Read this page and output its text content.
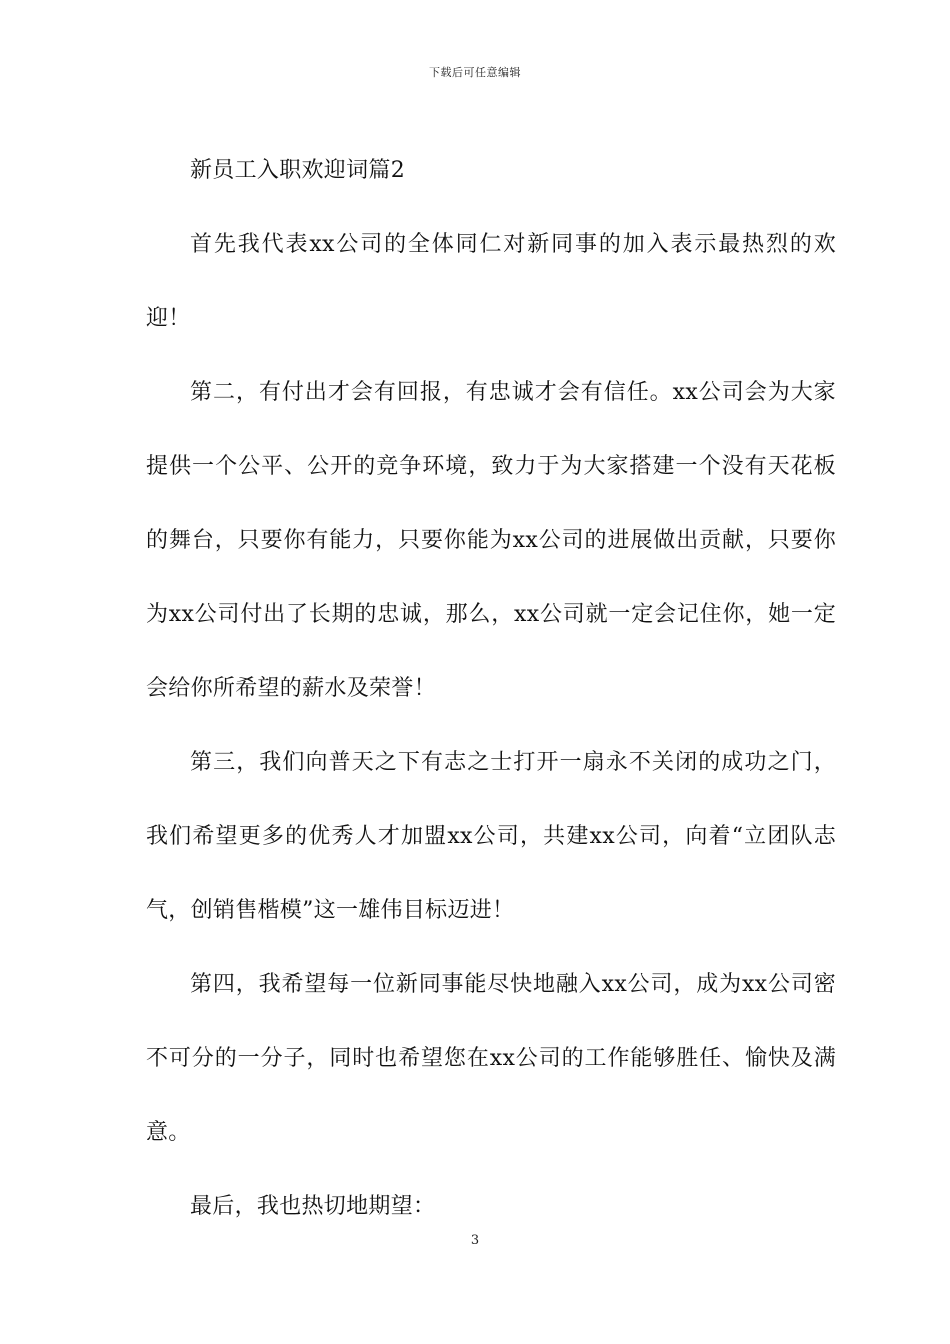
下载后可任意编辑

新员工入职欢迎词篇2

首先我代表xx公司的全体同仁对新同事的加入表示最热烈的欢迎！

第二，有付出才会有回报，有忠诚才会有信任。xx公司会为大家提供一个公平、公开的竞争环境，致力于为大家搭建一个没有天花板的舞台，只要你有能力，只要你能为xx公司的进展做出贡献，只要你为xx公司付出了长期的忠诚，那么，xx公司就一定会记住你，她一定会给你所希望的薪水及荣誉！

第三，我们向普天之下有志之士打开一扇永不关闭的成功之门，我们希望更多的优秀人才加盟xx公司，共建xx公司，向着“立团队志气，创销售楷模”这一雄伟目标迈进！

第四，我希望每一位新同事能尽快地融入xx公司，成为xx公司密不可分的一分子，同时也希望您在xx公司的工作能够胜任、愉快及满意。

最后，我也热切地期望：

3
